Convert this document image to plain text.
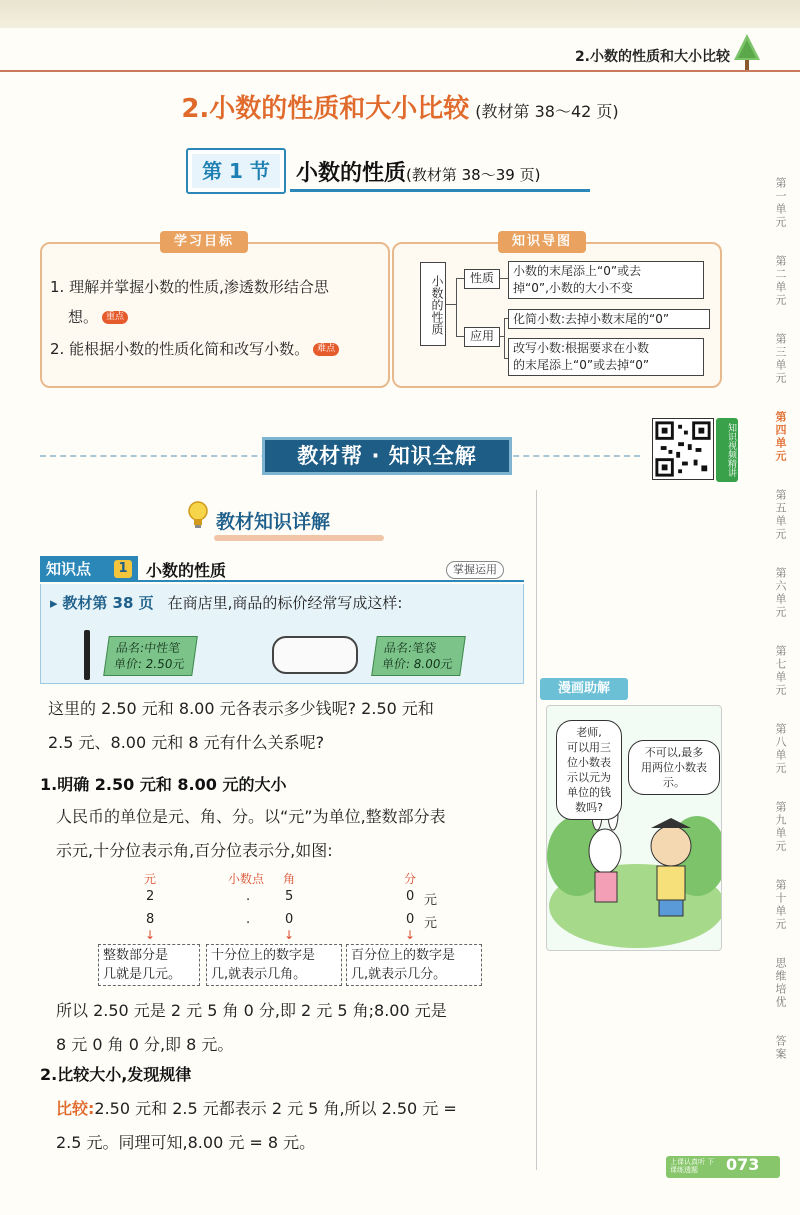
2.小数的性质和大小比较
2.小数的性质和大小比较 (教材第 38～42 页)
第 1 节	小数的性质(教材第 38～39 页)
学习目标
1. 理解并掌握小数的性质,渗透数形结合思
想。 重点
2. 能根据小数的性质化简和改写小数。 难点
知识导图
小数的性质	性质	小数的末尾添上“0”或去
掉“0”,小数的大小不变
应用
化简小数:去掉小数末尾的“0”
改写小数:根据要求在小数
的末尾添上“0”或去掉“0”
教材帮 · 知识全解	知识视频精讲
教材知识详解
知识点	1 小数的性质	掌握运用
▸ 教材第 38 页 在商店里,商品的标价经常写成这样:
品名:中性笔
单价: 2.50元
品名:笔袋
单价: 8.00元
这里的 2.50 元和 8.00 元各表示多少钱呢? 2.50 元和
2.5 元、8.00 元和 8 元有什么关系呢?
1.明确 2.50 元和 8.00 元的大小
人民币的单位是元、角、分。以“元”为单位,整数部分表
示元,十分位表示角,百分位表示分,如图:
元	小数点 角	分
2	.	5	0 元
8	.	0	0 元
↓	↓	↓
整数部分是
几就是几元。
十分位上的数字是
几,就表示几角。
百分位上的数字是
几,就表示几分。
所以 2.50 元是 2 元 5 角 0 分,即 2 元 5 角;8.00 元是
8 元 0 角 0 分,即 8 元。
2.比较大小,发现规律
比较:2.50 元和 2.5 元都表示 2 元 5 角,所以 2.50 元 =
2.5 元。同理可知,8.00 元 = 8 元。
漫画助解
老师,
可以用三
位小数表
示以元为
单位的钱
数吗?
不可以,最多
用两位小数表示。
第一单元
第二单元
第三单元
第四单元
第五单元
第六单元
第七单元
第八单元
第九单元
第十单元
思维培优
答案
上课认真听 下课练透题	073
